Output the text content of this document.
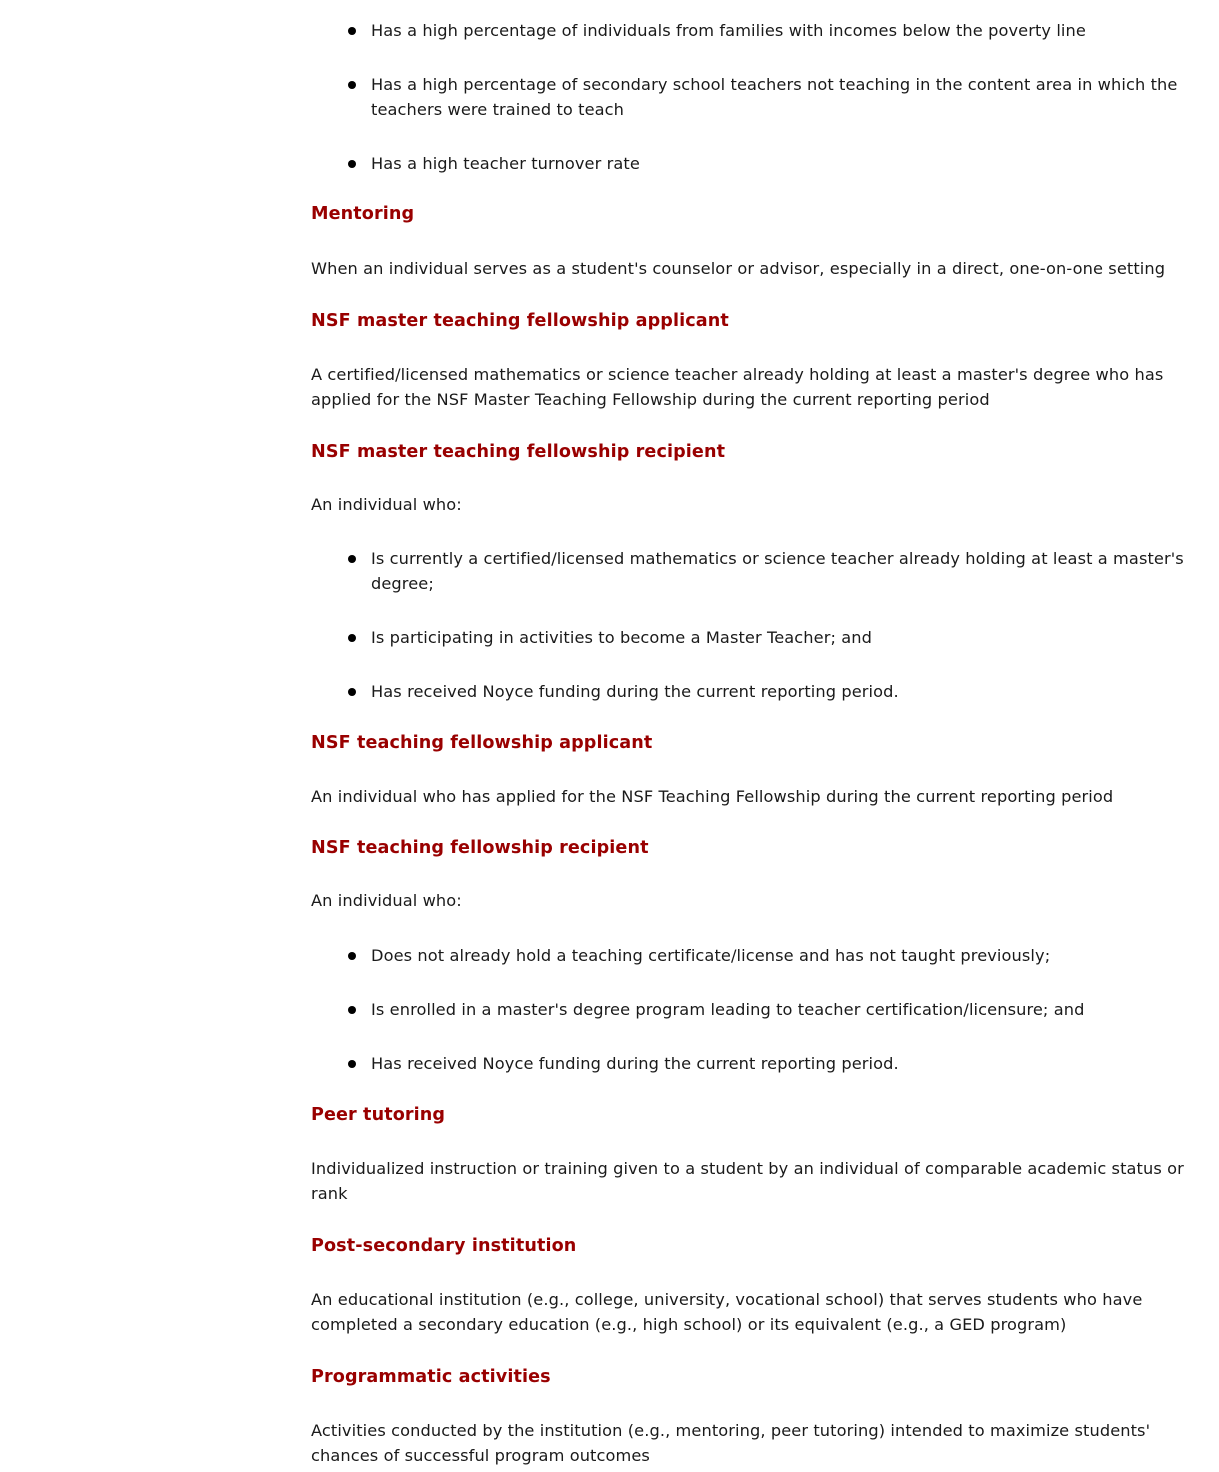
Has a high percentage of individuals from families with incomes below the poverty line
Has a high percentage of secondary school teachers not teaching in the content area in which the teachers were trained to teach
Has a high teacher turnover rate
Mentoring

When an individual serves as a student's counselor or advisor, especially in a direct, one-on-one setting

NSF master teaching fellowship applicant

A certified/licensed mathematics or science teacher already holding at least a master's degree who has applied for the NSF Master Teaching Fellowship during the current reporting period

NSF master teaching fellowship recipient

An individual who:

Is currently a certified/licensed mathematics or science teacher already holding at least a master's degree;
Is participating in activities to become a Master Teacher; and
Has received Noyce funding during the current reporting period.
NSF teaching fellowship applicant

An individual who has applied for the NSF Teaching Fellowship during the current reporting period

NSF teaching fellowship recipient

An individual who:

Does not already hold a teaching certificate/license and has not taught previously;
Is enrolled in a master's degree program leading to teacher certification/licensure; and
Has received Noyce funding during the current reporting period.
Peer tutoring

Individualized instruction or training given to a student by an individual of comparable academic status or rank

Post-secondary institution

An educational institution (e.g., college, university, vocational school) that serves students who have completed a secondary education (e.g., high school) or its equivalent (e.g., a GED program)

Programmatic activities

Activities conducted by the institution (e.g., mentoring, peer tutoring) intended to maximize students' chances of successful program outcomes
